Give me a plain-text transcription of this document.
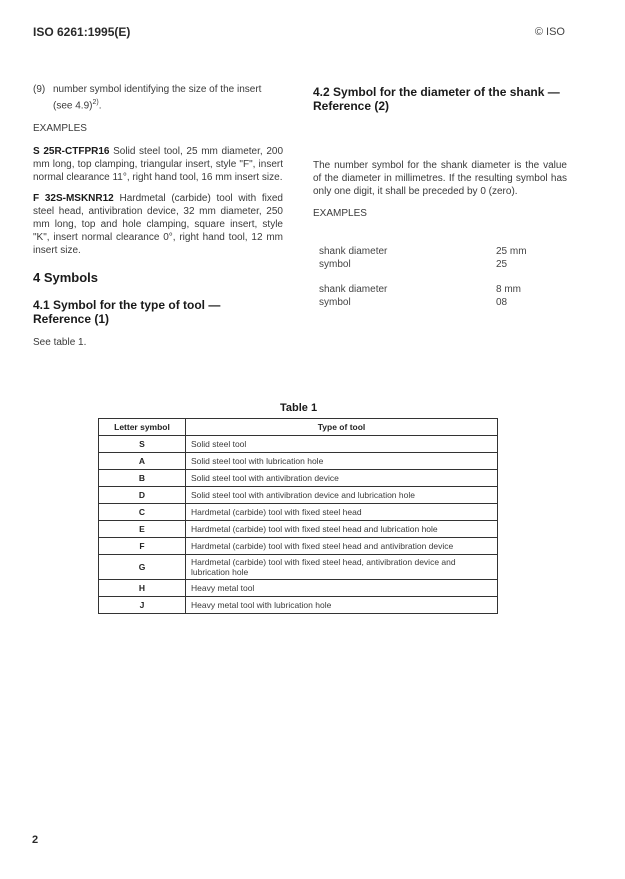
ISO 6261:1995(E)	© ISO

(9) number symbol identifying the size of the insert
(see 4.9)$^{2)}$.

EXAMPLES

S 25R-CTFPR16 Solid steel tool, 25 mm diameter, 200 mm long, top clamping, triangular insert, style "F", insert normal clearance 11°, right hand tool, 16 mm insert size.

F 32S-MSKNR12 Hardmetal (carbide) tool with fixed steel head, antivibration device, 32 mm diameter, 250 mm long, top and hole clamping, square insert, style "K", insert normal clearance 0°, right hand tool, 12 mm insert size.

4 Symbols
4.1 Symbol for the type of tool — Reference (1)

See table 1.

4.2 Symbol for the diameter of the shank — Reference (2)

The number symbol for the shank diameter is the value of the diameter in millimetres. If the resulting symbol has only one digit, it shall be preceded by 0 (zero).

EXAMPLES

shank diameter	25 mm
symbol	25
shank diameter	8 mm
symbol	08
Table 1
Letter symbol	Type of tool
S	Solid steel tool
A	Solid steel tool with lubrication hole
B	Solid steel tool with antivibration device
D	Solid steel tool with antivibration device and lubrication hole
C	Hardmetal (carbide) tool with fixed steel head
E	Hardmetal (carbide) tool with fixed steel head and lubrication hole
F	Hardmetal (carbide) tool with fixed steel head and antivibration device
G	Hardmetal (carbide) tool with fixed steel head, antivibration device and lubrication hole
H	Heavy metal tool
J	Heavy metal tool with lubrication hole
2
